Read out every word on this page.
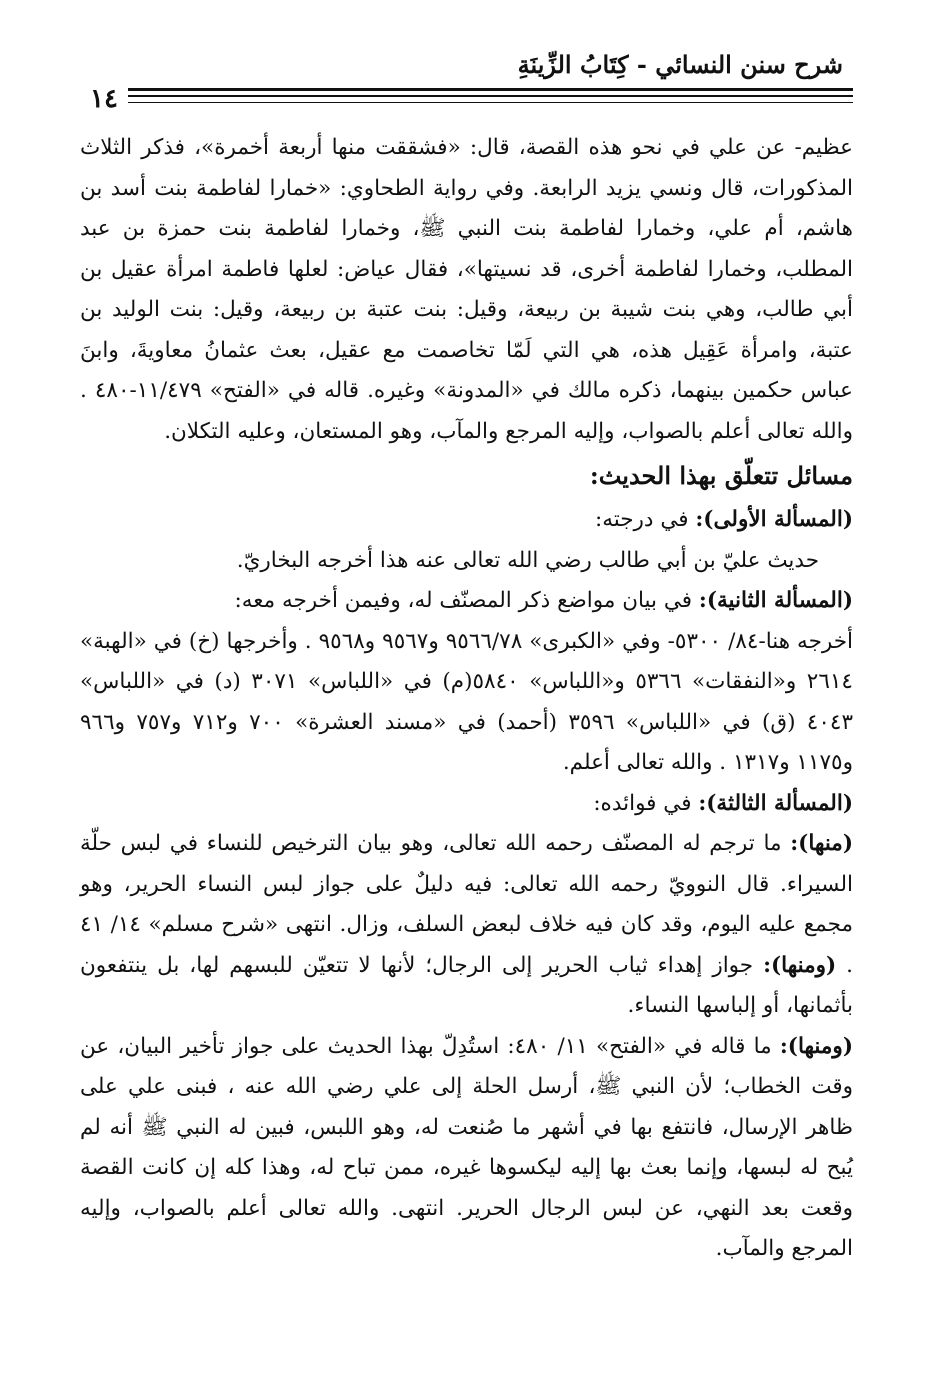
شرح سنن النسائي - كِتَابُ الزِّينَةِ
١٤

عظيم- عن علي في نحو هذه القصة، قال: «فشققت منها أربعة أخمرة»، فذكر الثلاث المذكورات، قال ونسي يزيد الرابعة. وفي رواية الطحاوي: «خمارا لفاطمة بنت أسد بن هاشم، أم علي، وخمارا لفاطمة بنت النبي ﷺ، وخمارا لفاطمة بنت حمزة بن عبد المطلب، وخمارا لفاطمة أخرى، قد نسيتها»، فقال عياض: لعلها فاطمة امرأة عقيل بن أبي طالب، وهي بنت شيبة بن ربيعة، وقيل: بنت عتبة بن ربيعة، وقيل: بنت الوليد بن عتبة، وامرأة عَقِيل هذه، هي التي لَمّا تخاصمت مع عقيل، بعث عثمانُ معاويةَ، وابنَ عباس حكمين بينهما، ذكره مالك في «المدونة» وغيره. قاله في «الفتح» ١١/٤٧٩-٤٨٠ . والله تعالى أعلم بالصواب، وإليه المرجع والمآب، وهو المستعان، وعليه التكلان.

مسائل تتعلّق بهذا الحديث:

(المسألة الأولى): في درجته:

حديث عليّ بن أبي طالب رضي الله تعالى عنه هذا أخرجه البخاريّ.

(المسألة الثانية): في بيان مواضع ذكر المصنّف له، وفيمن أخرجه معه:

أخرجه هنا-٨٤/ ٥٣٠٠- وفي «الكبرى» ٩٥٦٦/٧٨ و٩٥٦٧ و٩٥٦٨ . وأخرجها (خ) في «الهبة» ٢٦١٤ و«النفقات» ٥٣٦٦ و«اللباس» ٥٨٤٠(م) في «اللباس» ٣٠٧١ (د) في «اللباس» ٤٠٤٣ (ق) في «اللباس» ٣٥٩٦ (أحمد) في «مسند العشرة» ٧٠٠ و٧١٢ و٧٥٧ و٩٦٦ و١١٧٥ و١٣١٧ . والله تعالى أعلم.

(المسألة الثالثة): في فوائده:

(منها): ما ترجم له المصنّف رحمه الله تعالى، وهو بيان الترخيص للنساء في لبس حلّة السيراء. قال النوويّ رحمه الله تعالى: فيه دليلٌ على جواز لبس النساء الحرير، وهو مجمع عليه اليوم، وقد كان فيه خلاف لبعض السلف، وزال. انتهى «شرح مسلم» ١٤/ ٤١ . (ومنها): جواز إهداء ثياب الحرير إلى الرجال؛ لأنها لا تتعيّن للبسهم لها، بل ينتفعون بأثمانها، أو إلباسها النساء.

(ومنها): ما قاله في «الفتح» ١١/ ٤٨٠: استُدِلّ بهذا الحديث على جواز تأخير البيان، عن وقت الخطاب؛ لأن النبي ﷺ، أرسل الحلة إلى علي رضي الله عنه ، فبنى علي على ظاهر الإرسال، فانتفع بها في أشهر ما صُنعت له، وهو اللبس، فبين له النبي ﷺ أنه لم يُبح له لبسها، وإنما بعث بها إليه ليكسوها غيره، ممن تباح له، وهذا كله إن كانت القصة وقعت بعد النهي، عن لبس الرجال الحرير. انتهى. والله تعالى أعلم بالصواب، وإليه المرجع والمآب.
